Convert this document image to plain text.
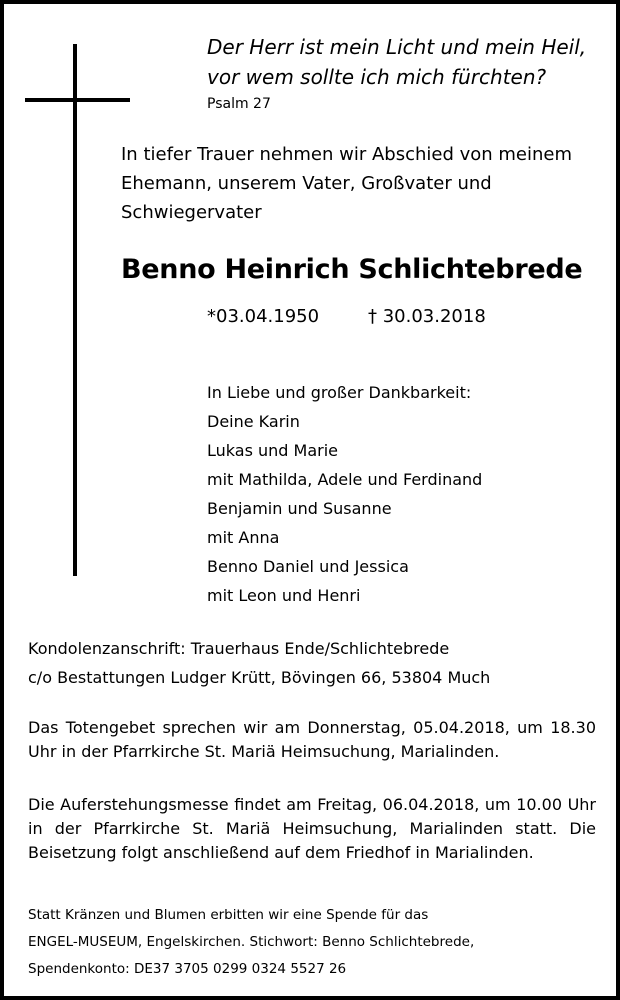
Der Herr ist mein Licht und mein Heil,
vor wem sollte ich mich fürchten?
Psalm 27
In tiefer Trauer nehmen wir Abschied von meinem
Ehemann, unserem Vater, Großvater und
Schwiegervater
Benno Heinrich Schlichtebrede
*03.04.1950	† 30.03.2018
In Liebe und großer Dankbarkeit:
Deine Karin
Lukas und Marie
mit Mathilda, Adele und Ferdinand
Benjamin und Susanne
mit Anna
Benno Daniel und Jessica
mit Leon und Henri
Kondolenzanschrift: Trauerhaus Ende/Schlichtebrede
c/o Bestattungen Ludger Krütt, Bövingen 66, 53804 Much
Das Totengebet sprechen wir am Donnerstag, 05.04.2018, um 18.30 Uhr in der Pfarrkirche St. Mariä Heimsuchung, Marialinden.
Die Auferstehungsmesse findet am Freitag, 06.04.2018, um 10.00 Uhr in der Pfarrkirche St. Mariä Heimsuchung, Marialinden statt. Die Beisetzung folgt anschließend auf dem Friedhof in Marialinden.
Statt Kränzen und Blumen erbitten wir eine Spende für das
ENGEL-MUSEUM, Engelskirchen. Stichwort: Benno Schlichtebrede,
Spendenkonto: DE37 3705 0299 0324 5527 26
